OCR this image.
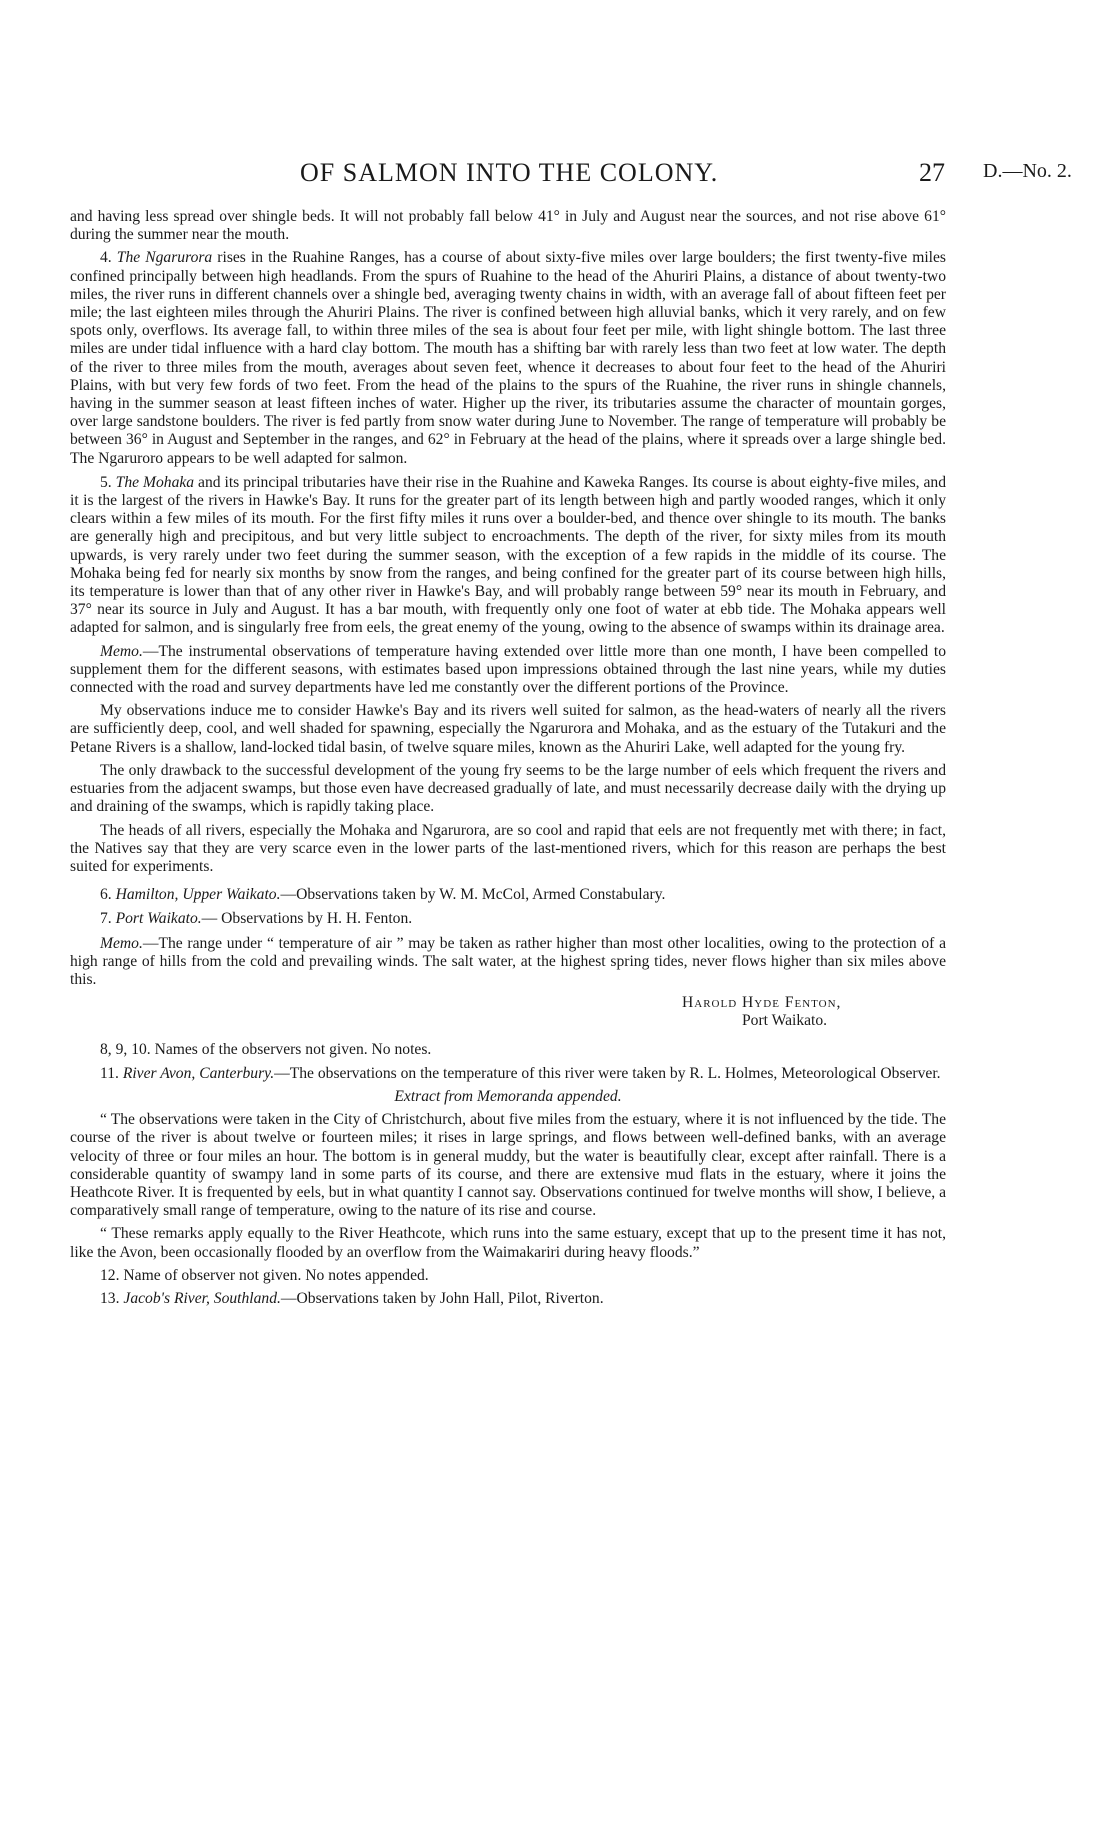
OF SALMON INTO THE COLONY.	27 D.—No. 2.

and having less spread over shingle beds. It will not probably fall below 41° in July and August near the sources, and not rise above 61° during the summer near the mouth.

4. The Ngarurora rises in the Ruahine Ranges, has a course of about sixty-five miles over large boulders; the first twenty-five miles confined principally between high headlands. From the spurs of Ruahine to the head of the Ahuriri Plains, a distance of about twenty-two miles, the river runs in different channels over a shingle bed, averaging twenty chains in width, with an average fall of about fifteen feet per mile; the last eighteen miles through the Ahuriri Plains. The river is confined between high alluvial banks, which it very rarely, and on few spots only, overflows. Its average fall, to within three miles of the sea is about four feet per mile, with light shingle bottom. The last three miles are under tidal influence with a hard clay bottom. The mouth has a shifting bar with rarely less than two feet at low water. The depth of the river to three miles from the mouth, averages about seven feet, whence it decreases to about four feet to the head of the Ahuriri Plains, with but very few fords of two feet. From the head of the plains to the spurs of the Ruahine, the river runs in shingle channels, having in the summer season at least fifteen inches of water. Higher up the river, its tributaries assume the character of mountain gorges, over large sandstone boulders. The river is fed partly from snow water during June to November. The range of temperature will probably be between 36° in August and September in the ranges, and 62° in February at the head of the plains, where it spreads over a large shingle bed. The Ngaruroro appears to be well adapted for salmon.

5. The Mohaka and its principal tributaries have their rise in the Ruahine and Kaweka Ranges. Its course is about eighty-five miles, and it is the largest of the rivers in Hawke's Bay. It runs for the greater part of its length between high and partly wooded ranges, which it only clears within a few miles of its mouth. For the first fifty miles it runs over a boulder-bed, and thence over shingle to its mouth. The banks are generally high and precipitous, and but very little subject to encroachments. The depth of the river, for sixty miles from its mouth upwards, is very rarely under two feet during the summer season, with the exception of a few rapids in the middle of its course. The Mohaka being fed for nearly six months by snow from the ranges, and being confined for the greater part of its course between high hills, its temperature is lower than that of any other river in Hawke's Bay, and will probably range between 59° near its mouth in February, and 37° near its source in July and August. It has a bar mouth, with frequently only one foot of water at ebb tide. The Mohaka appears well adapted for salmon, and is singularly free from eels, the great enemy of the young, owing to the absence of swamps within its drainage area.

Memo.—The instrumental observations of temperature having extended over little more than one month, I have been compelled to supplement them for the different seasons, with estimates based upon impressions obtained through the last nine years, while my duties connected with the road and survey departments have led me constantly over the different portions of the Province.

My observations induce me to consider Hawke's Bay and its rivers well suited for salmon, as the head-waters of nearly all the rivers are sufficiently deep, cool, and well shaded for spawning, especially the Ngarurora and Mohaka, and as the estuary of the Tutakuri and the Petane Rivers is a shallow, land-locked tidal basin, of twelve square miles, known as the Ahuriri Lake, well adapted for the young fry.

The only drawback to the successful development of the young fry seems to be the large number of eels which frequent the rivers and estuaries from the adjacent swamps, but those even have decreased gradually of late, and must necessarily decrease daily with the drying up and draining of the swamps, which is rapidly taking place.

The heads of all rivers, especially the Mohaka and Ngarurora, are so cool and rapid that eels are not frequently met with there; in fact, the Natives say that they are very scarce even in the lower parts of the last-mentioned rivers, which for this reason are perhaps the best suited for experiments.

6. Hamilton, Upper Waikato.—Observations taken by W. M. McCol, Armed Constabulary.

7. Port Waikato.— Observations by H. H. Fenton.

Memo.—The range under “ temperature of air ” may be taken as rather higher than most other localities, owing to the protection of a high range of hills from the cold and prevailing winds. The salt water, at the highest spring tides, never flows higher than six miles above this.

Harold Hyde Fenton,
Port Waikato.

8, 9, 10. Names of the observers not given. No notes.

11. River Avon, Canterbury.—The observations on the temperature of this river were taken by R. L. Holmes, Meteorological Observer.

Extract from Memoranda appended.

“ The observations were taken in the City of Christchurch, about five miles from the estuary, where it is not influenced by the tide. The course of the river is about twelve or fourteen miles; it rises in large springs, and flows between well-defined banks, with an average velocity of three or four miles an hour. The bottom is in general muddy, but the water is beautifully clear, except after rainfall. There is a considerable quantity of swampy land in some parts of its course, and there are extensive mud flats in the estuary, where it joins the Heathcote River. It is frequented by eels, but in what quantity I cannot say. Observations continued for twelve months will show, I believe, a comparatively small range of temperature, owing to the nature of its rise and course.

“ These remarks apply equally to the River Heathcote, which runs into the same estuary, except that up to the present time it has not, like the Avon, been occasionally flooded by an overflow from the Waimakariri during heavy floods.”

12. Name of observer not given. No notes appended.

13. Jacob's River, Southland.—Observations taken by John Hall, Pilot, Riverton.
